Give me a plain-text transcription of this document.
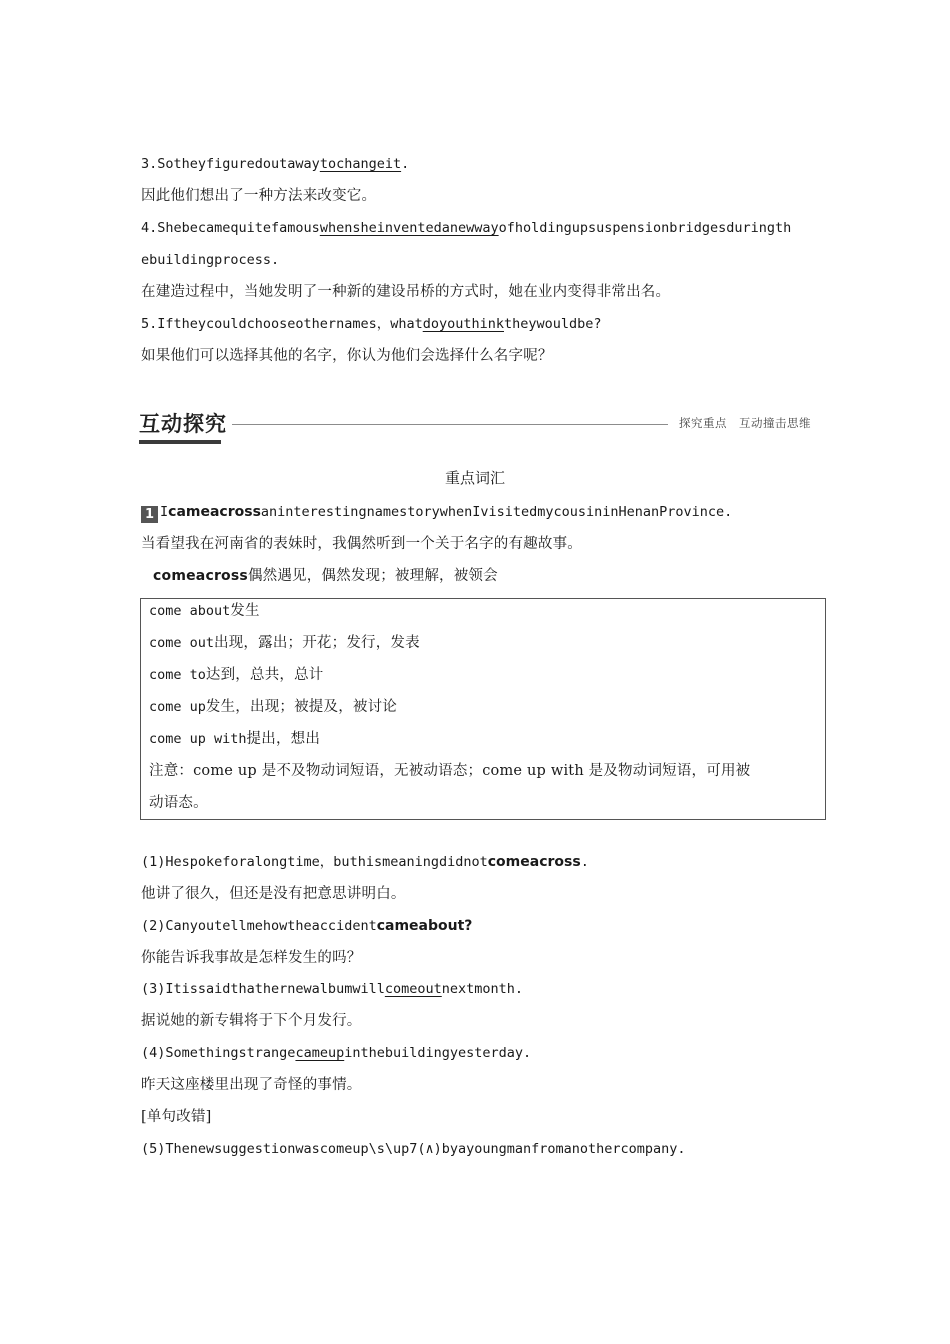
3.Sotheyfiguredoutawaytochangeit.
因此他们想出了一种方法来改变它。
4.Shebecamequitefamouswhensheinventedanewwayofholdingupsuspensionbridgesduringth
ebuildingprocess.
在建造过程中，当她发明了一种新的建设吊桥的方式时，她在业内变得非常出名。
5.Iftheycouldchooseothernames，whatdoyouthinktheywouldbe?
如果他们可以选择其他的名字，你认为他们会选择什么名字呢？
互动探究	探究重点　互动撞击思维
重点词汇
1 IcameacrossaninterestingnamestorywhenIvisitedmycousininHenanProvince.
当看望我在河南省的表妹时，我偶然听到一个关于名字的有趣故事。
comeacross偶然遇见，偶然发现；被理解，被领会
come about发生
come out出现，露出；开花；发行，发表
come to达到，总共，总计
come up发生，出现；被提及，被讨论
come up with提出，想出
注意：come up 是不及物动词短语，无被动语态；come up with 是及物动词短语，可用被
动语态。
(1)Hespokeforalongtime，buthismeaningdidnotcomeacross.
他讲了很久，但还是没有把意思讲明白。
(2)Canyoutellmehowtheaccidentcameabout?
你能告诉我事故是怎样发生的吗？
(3)Itissaidthathernewalbumwillcomeoutnextmonth.
据说她的新专辑将于下个月发行。
(4)Somethingstrangecameupinthebuildingyesterday.
昨天这座楼里出现了奇怪的事情。
[单句改错]
(5)Thenewsuggestionwascomeup\s\up7(∧)byayoungmanfromanothercompany.
